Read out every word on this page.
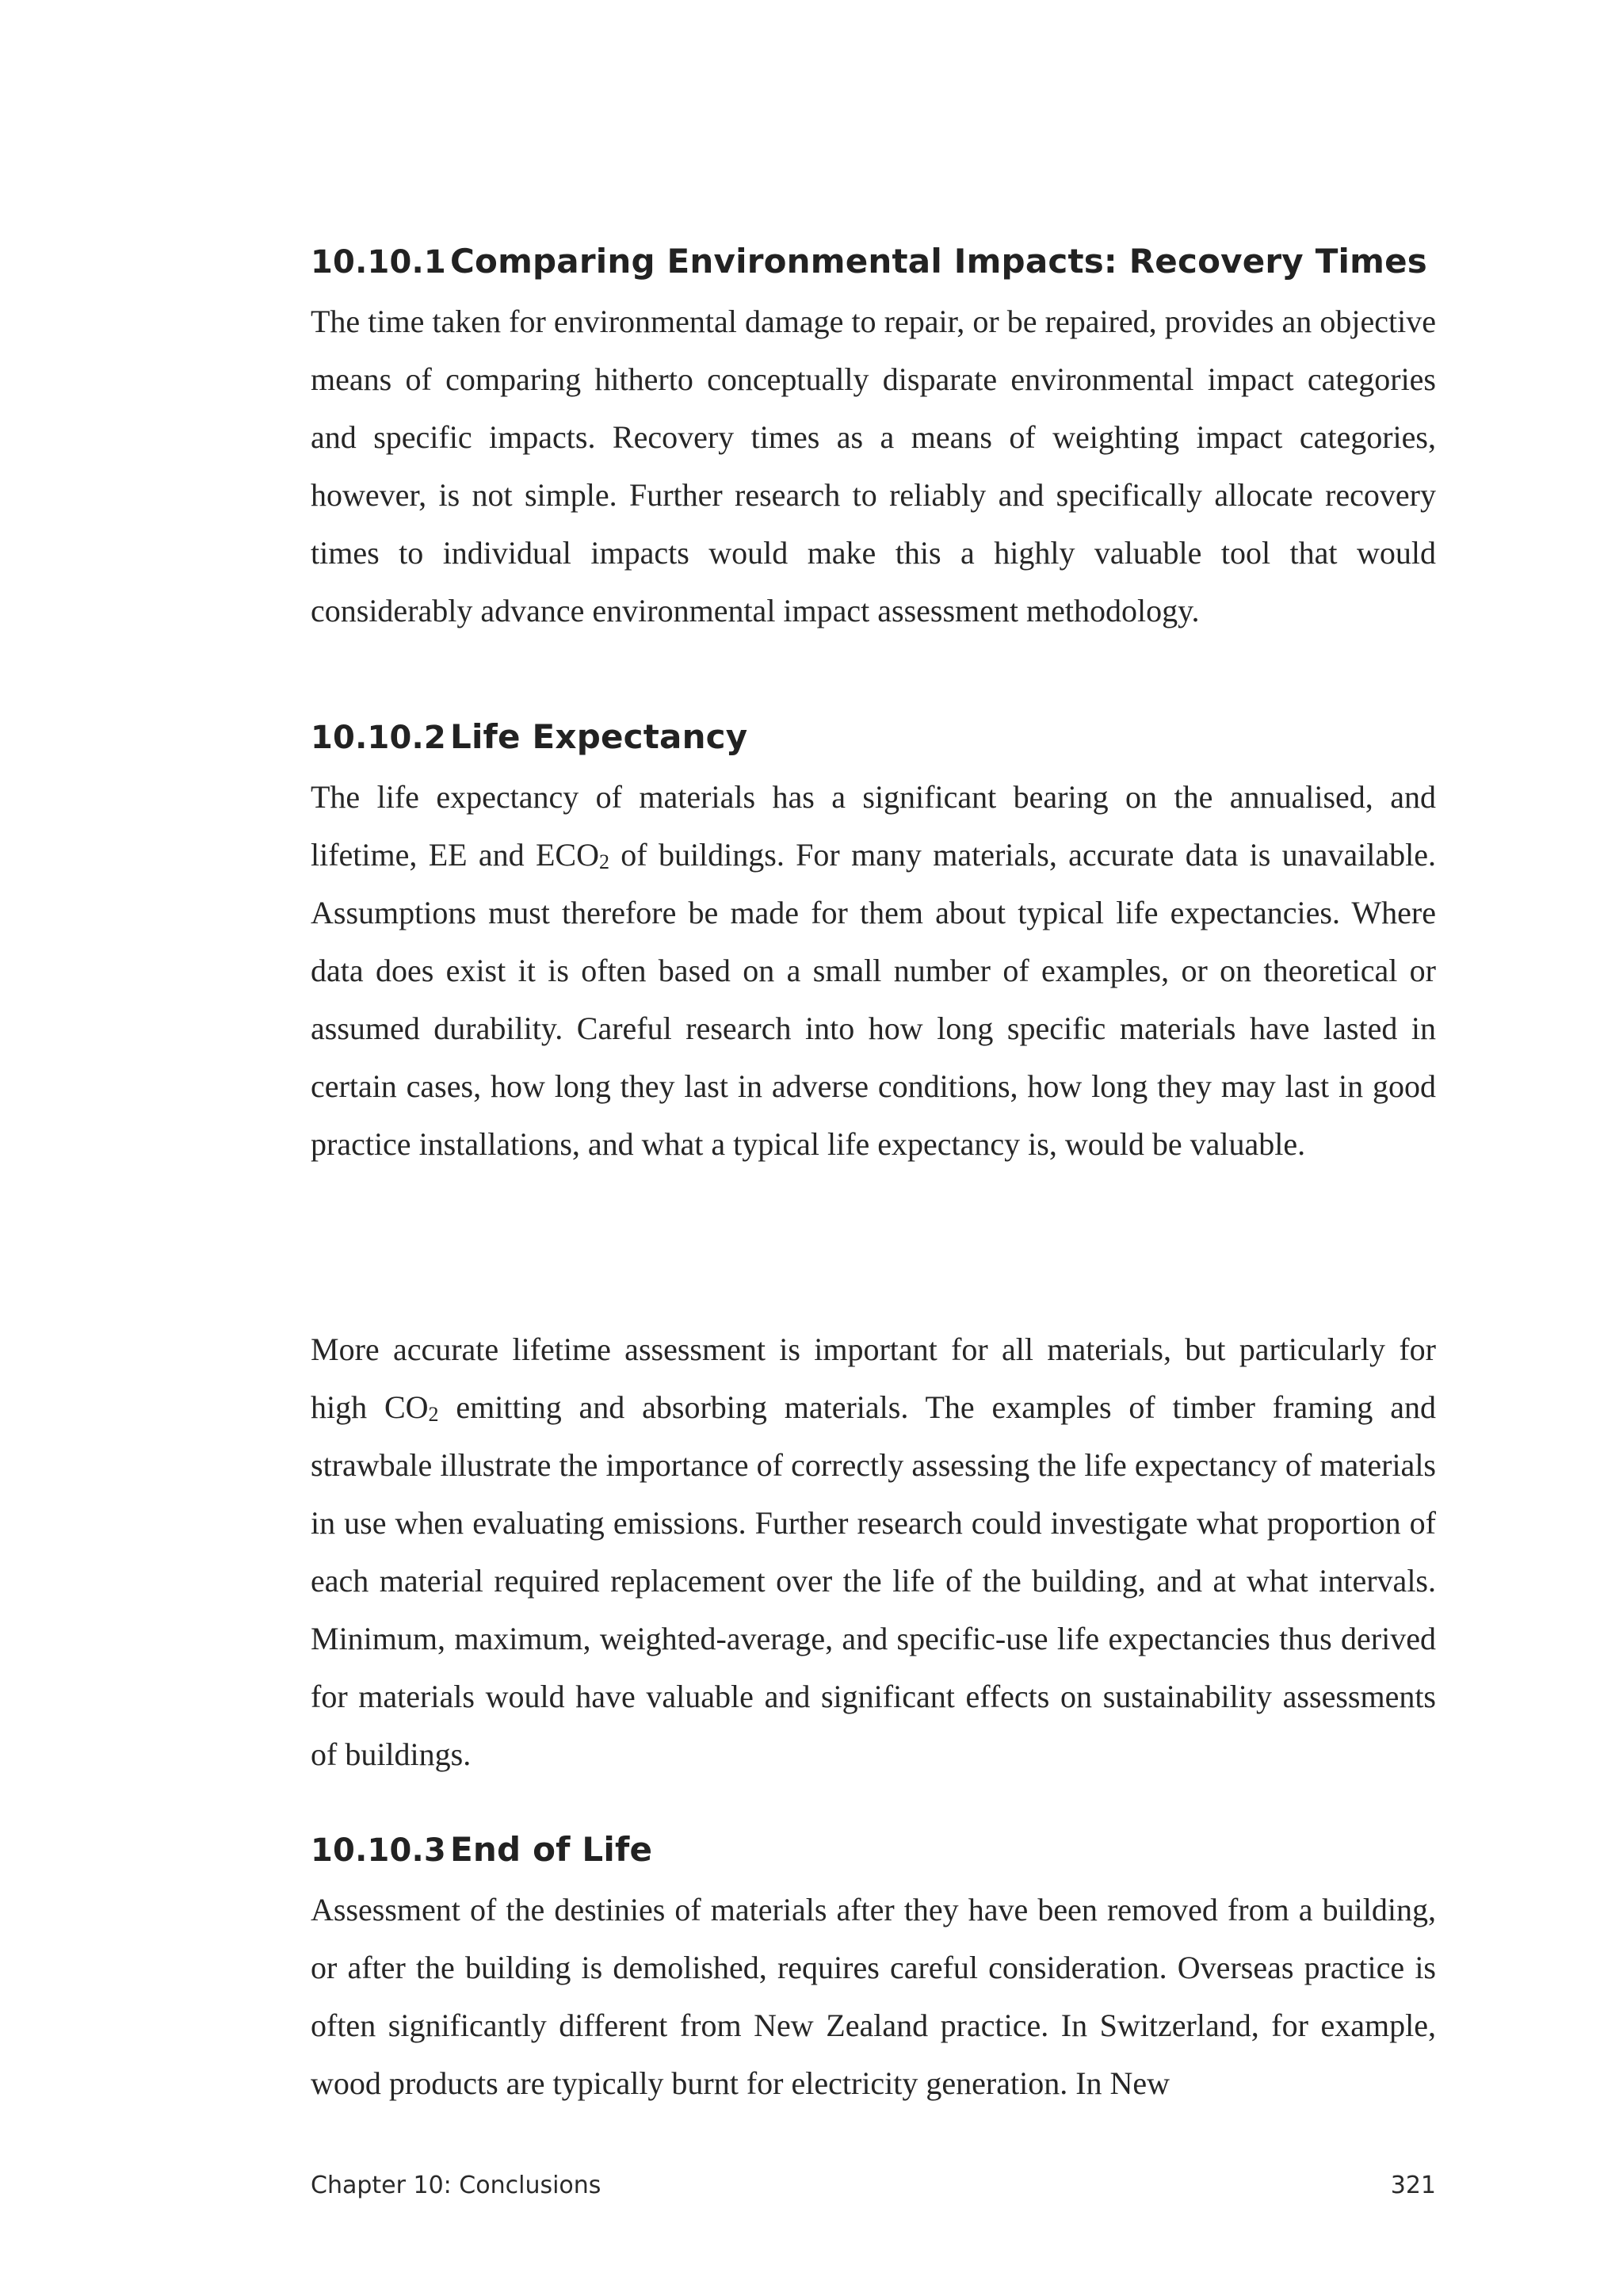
10.10.1 Comparing Environmental Impacts: Recovery Times

The time taken for environmental damage to repair, or be repaired, provides an objective means of comparing hitherto conceptually disparate environmental impact categories and specific impacts. Recovery times as a means of weighting impact categories, however, is not simple. Further research to reliably and specifically allocate recovery times to individual impacts would make this a highly valuable tool that would considerably advance environmental impact assessment methodology.

10.10.2 Life Expectancy

The life expectancy of materials has a significant bearing on the annualised, and lifetime, EE and ECO2 of buildings. For many materials, accurate data is unavailable. Assumptions must therefore be made for them about typical life expectancies. Where data does exist it is often based on a small number of examples, or on theoretical or assumed durability. Careful research into how long specific materials have lasted in certain cases, how long they last in adverse conditions, how long they may last in good practice installations, and what a typical life expectancy is, would be valuable.

More accurate lifetime assessment is important for all materials, but particularly for high CO2 emitting and absorbing materials. The examples of timber framing and strawbale illustrate the importance of correctly assessing the life expectancy of materials in use when evaluating emissions. Further research could investigate what proportion of each material required replacement over the life of the building, and at what intervals. Minimum, maximum, weighted-average, and specific-use life expectancies thus derived for materials would have valuable and significant effects on sustainability assessments of buildings.

10.10.3 End of Life

Assessment of the destinies of materials after they have been removed from a building, or after the building is demolished, requires careful consideration. Overseas practice is often significantly different from New Zealand practice. In Switzerland, for example, wood products are typically burnt for electricity generation. In New

Chapter 10: Conclusions	321
